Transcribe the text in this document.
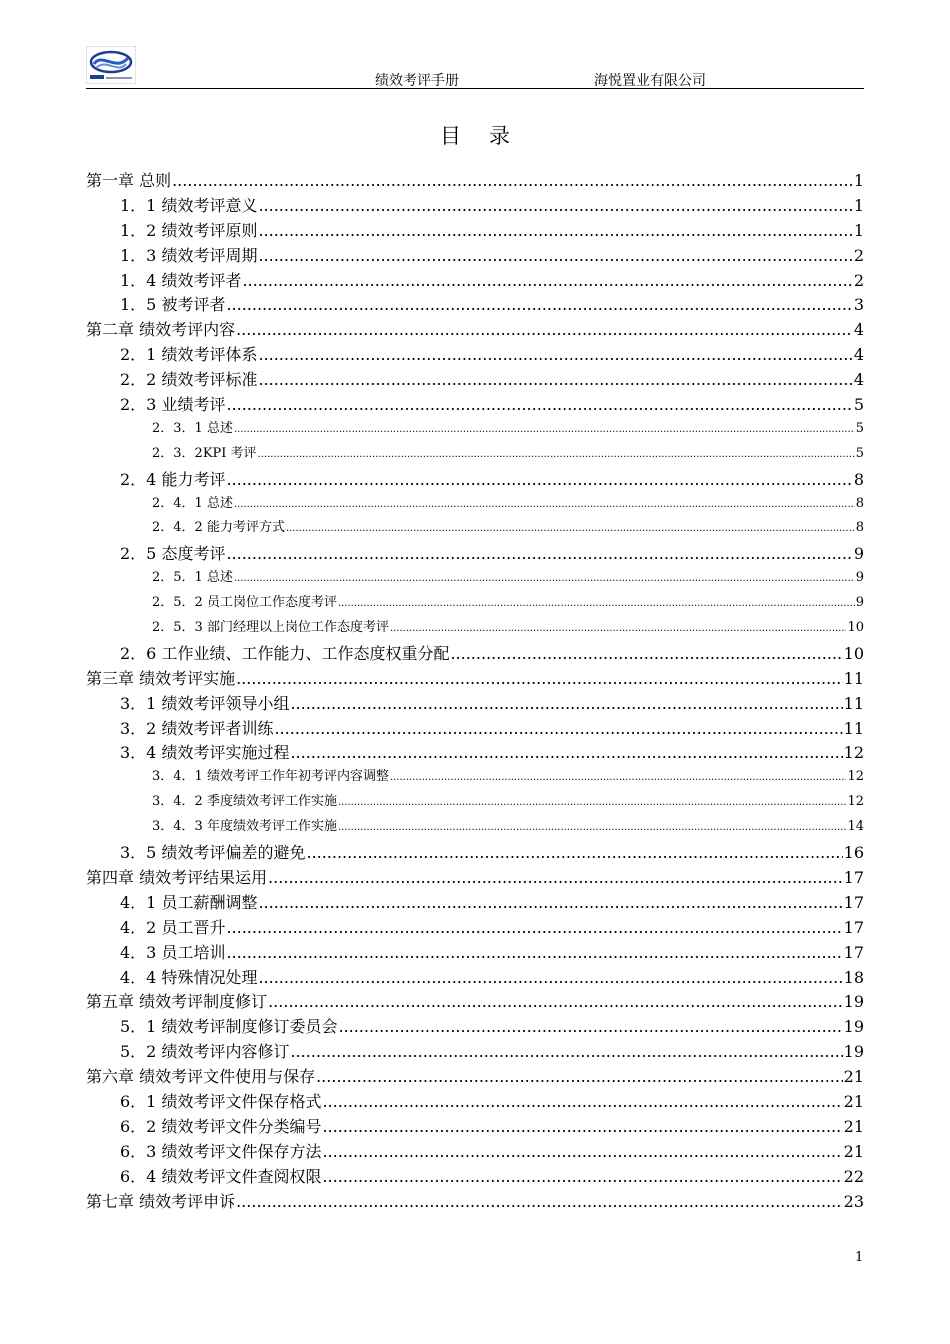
绩效考评手册	海悦置业有限公司
目录
第一章 总则 .....	1
1．1 绩效考评意义 .....	1
1．2 绩效考评原则 .....	1
1．3 绩效考评周期 .....	2
1．4 绩效考评者 .....	2
1．5 被考评者 .....	3
第二章 绩效考评内容 .....	4
2．1 绩效考评体系 .....	4
2．2 绩效考评标准 .....	4
2．3 业绩考评 .....	5
2．3．1 总述 .....	5
2．3．2KPI 考评 .....	5
2．4 能力考评 .....	8
2．4．1 总述 .....	8
2．4．2 能力考评方式 .....	8
2．5 态度考评 .....	9
2．5．1 总述 .....	9
2．5．2 员工岗位工作态度考评 .....	9
2．5．3 部门经理以上岗位工作态度考评 .....	10
2．6 工作业绩、工作能力、工作态度权重分配 .....	10
第三章 绩效考评实施 .....	11
3．1 绩效考评领导小组 .....	11
3．2 绩效考评者训练 .....	11
3．4 绩效考评实施过程 .....	12
3．4．1 绩效考评工作年初考评内容调整 .....	12
3．4．2 季度绩效考评工作实施 .....	12
3．4．3 年度绩效考评工作实施 .....	14
3．5 绩效考评偏差的避免 .....	16
第四章 绩效考评结果运用 .....	17
4．1 员工薪酬调整 .....	17
4．2 员工晋升 .....	17
4．3 员工培训 .....	17
4．4 特殊情况处理 .....	18
第五章 绩效考评制度修订 .....	19
5．1 绩效考评制度修订委员会 .....	19
5．2 绩效考评内容修订 .....	19
第六章 绩效考评文件使用与保存 .....	21
6．1 绩效考评文件保存格式 .....	21
6．2 绩效考评文件分类编号 .....	21
6．3 绩效考评文件保存方法 .....	21
6．4 绩效考评文件查阅权限 .....	22
第七章 绩效考评申诉 .....	23
1
